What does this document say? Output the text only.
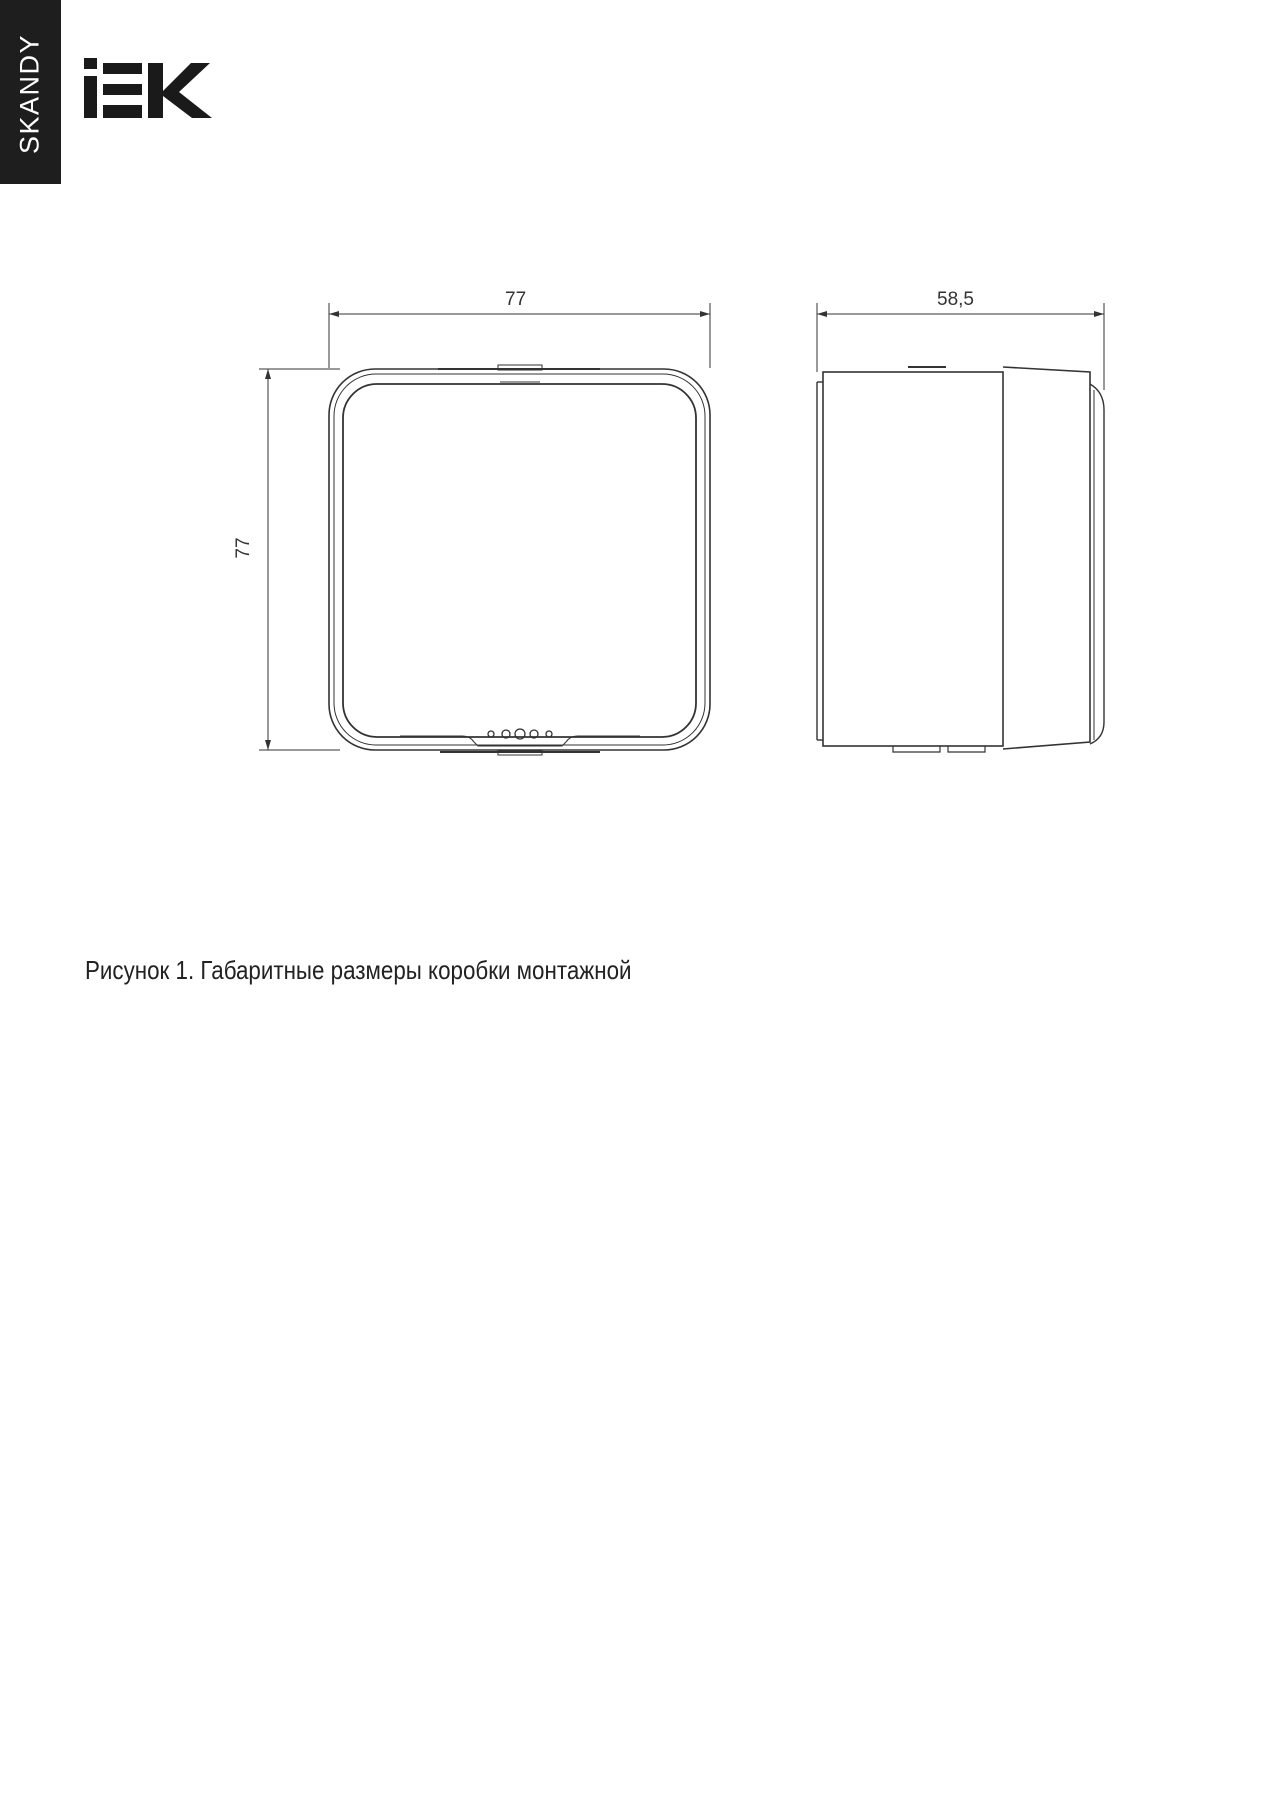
SKANDY
77
77
58,5
Рисунок 1. Габаритные размеры коробки монтажной
